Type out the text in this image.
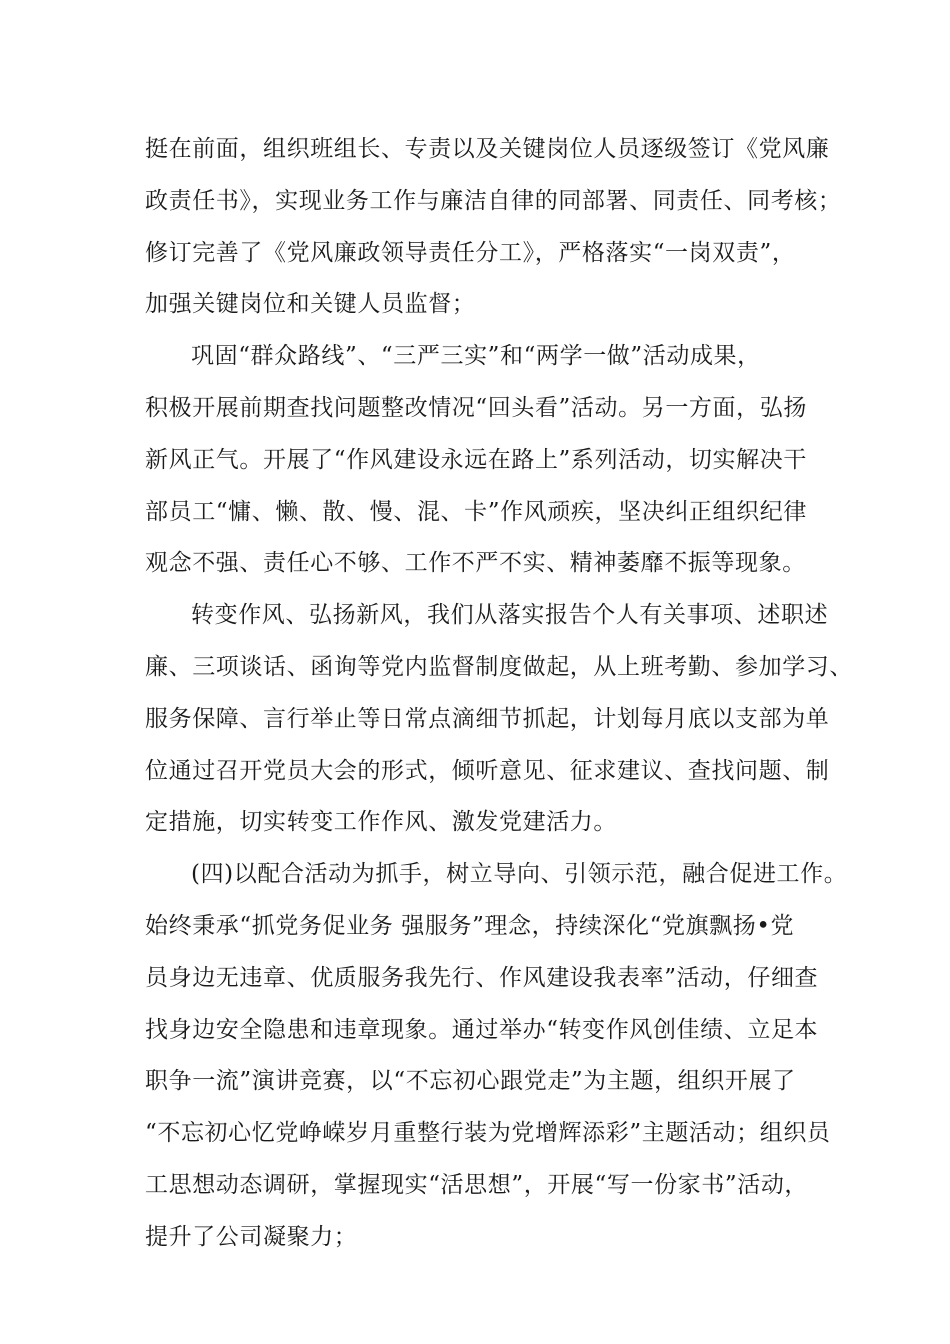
挺在前面，组织班组长、专责以及关键岗位人员逐级签订《党风廉
政责任书》，实现业务工作与廉洁自律的同部署、同责任、同考核；
修订完善了《党风廉政领导责任分工》，严格落实“一岗双责”，
加强关键岗位和关键人员监督；
巩固“群众路线”、“三严三实”和“两学一做”活动成果，
积极开展前期查找问题整改情况“回头看”活动。另一方面，弘扬
新风正气。开展了“作风建设永远在路上”系列活动，切实解决干
部员工“慵、懒、散、慢、混、卡”作风顽疾，坚决纠正组织纪律
观念不强、责任心不够、工作不严不实、精神萎靡不振等现象。
转变作风、弘扬新风，我们从落实报告个人有关事项、述职述
廉、三项谈话、函询等党内监督制度做起，从上班考勤、参加学习、
服务保障、言行举止等日常点滴细节抓起，计划每月底以支部为单
位通过召开党员大会的形式，倾听意见、征求建议、查找问题、制
定措施，切实转变工作作风、激发党建活力。
(四)以配合活动为抓手，树立导向、引领示范，融合促进工作。
始终秉承“抓党务促业务 强服务”理念，持续深化“党旗飘扬•党
员身边无违章、优质服务我先行、作风建设我表率”活动，仔细查
找身边安全隐患和违章现象。通过举办“转变作风创佳绩、立足本
职争一流”演讲竞赛，以“不忘初心跟党走”为主题，组织开展了
“不忘初心忆党峥嵘岁月重整行装为党增辉添彩”主题活动；组织员
工思想动态调研，掌握现实“活思想”，开展“写一份家书”活动，
提升了公司凝聚力；
